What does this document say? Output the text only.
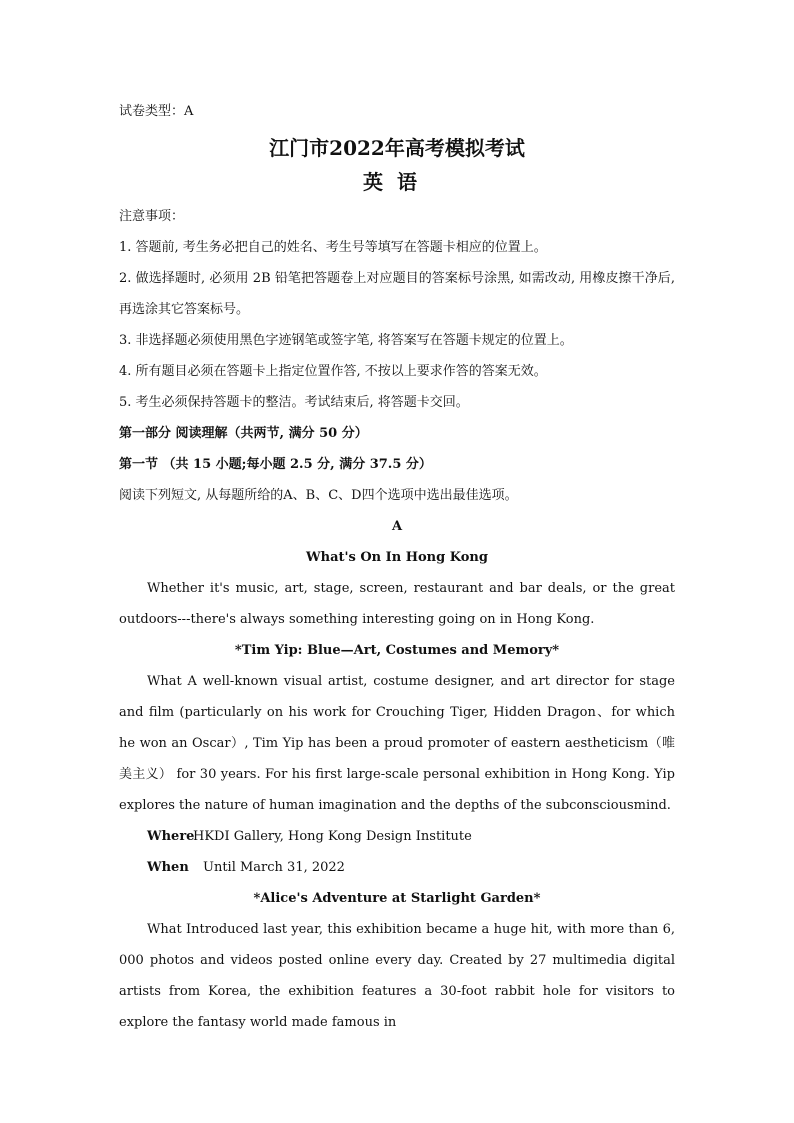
试卷类型：A

江门市2022年高考模拟考试

英语

注意事项：

1. 答题前, 考生务必把自己的姓名、考生号等填写在答题卡相应的位置上。

2. 做选择题时, 必须用 2B 铅笔把答题卷上对应题目的答案标号涂黑, 如需改动, 用橡皮擦干净后, 再选涂其它答案标号。

3. 非选择题必须使用黑色字迹钢笔或签字笔, 将答案写在答题卡规定的位置上。

4. 所有题目必须在答题卡上指定位置作答, 不按以上要求作答的答案无效。

5. 考生必须保持答题卡的整洁。考试结束后, 将答题卡交回。

第一部分 阅读理解（共两节, 满分 50 分）

第一节 （共 15 小题;每小题 2.5 分, 满分 37.5 分）

阅读下列短文, 从每题所给的A、B、C、D四个选项中选出最佳选项。

A

What's On In Hong Kong

Whether it's music, art, stage, screen, restaurant and bar deals, or the great outdoors---there's always something interesting going on in Hong Kong.

*Tim Yip: Blue—Art, Costumes and Memory*

What A well-known visual artist, costume designer, and art director for stage and film (particularly on his work for Crouching Tiger, Hidden Dragon、for which he won an Oscar）, Tim Yip has been a proud promoter of eastern aestheticism（唯美主义） for 30 years. For his first large-scale personal exhibition in Hong Kong. Yip explores the nature of human imagination and the depths of the subconsciousmind.

WhereHKDI Gallery, Hong Kong Design Institute

When Until March 31, 2022

*Alice's Adventure at Starlight Garden*

What Introduced last year, this exhibition became a huge hit, with more than 6, 000 photos and videos posted online every day. Created by 27 multimedia digital artists from Korea, the exhibition features a 30-foot rabbit hole for visitors to explore the fantasy world made famous in
